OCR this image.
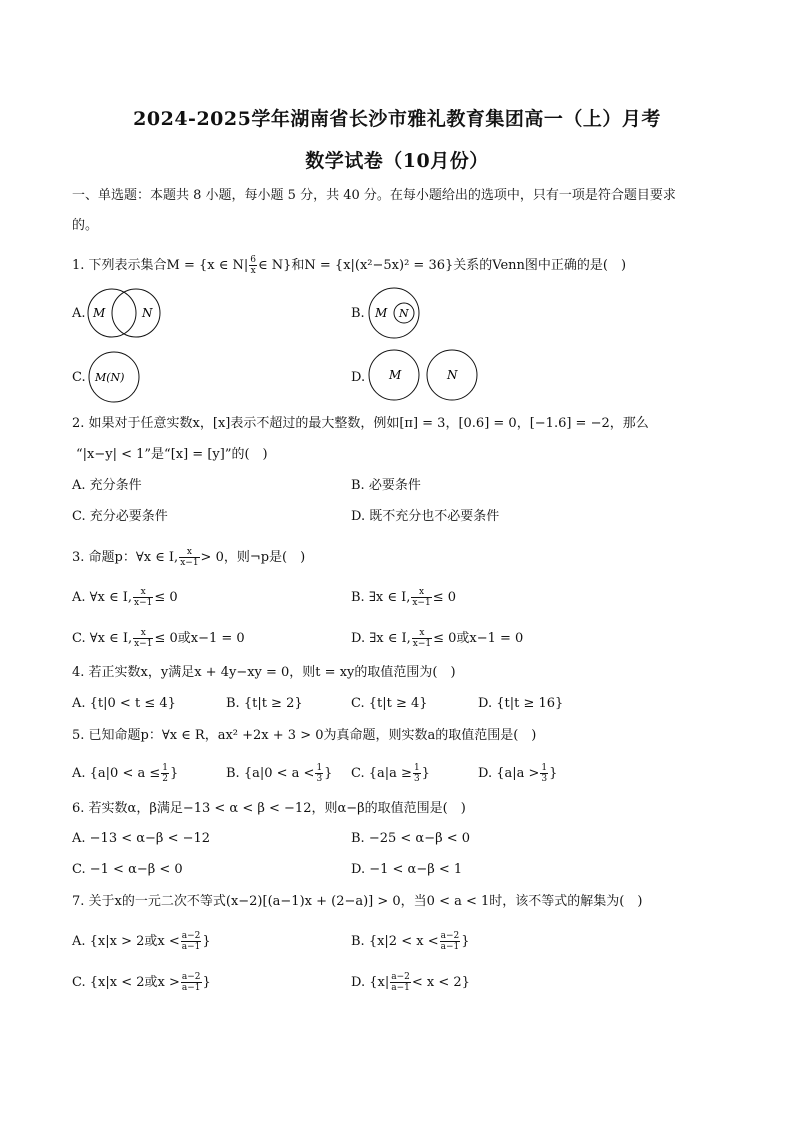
2024-2025学年湖南省长沙市雅礼教育集团高一（上）月考
数学试卷（10月份）
一、单选题：本题共 8 小题，每小题 5 分，共 40 分。在每小题给出的选项中，只有一项是符合题目要求
的。
1. 下列表示集合M = {x ∈ $N| \frac{6}{x}$ ∈ N}和N = {x|(x²−5x)² = 36}关系的Venn图中正确的是(　)
A. M	N	B. M N
C. M(N)	D. M	N
2. 如果对于任意实数x，[x]表示不超过的最大整数，例如[π] = 3，[0.6] = 0，[−1.6] = −2，那么
“|x−y| < 1”是“[x] = [y]”的(　)
A. 充分条件	B. 必要条件
C. 充分必要条件	D. 既不充分也不必要条件
3. 命题p：∀x ∈ I, $\frac{x}{x-1} > 0$，则¬p是(　)
A. ∀x ∈ I, $\frac{x}{x-1} \le 0$	B. ∃x ∈ I, $\frac{x}{x-1} \le 0$
C. ∀x ∈ I, $\frac{x}{x-1} \le 0$或x−1 = 0	D. ∃x ∈ I, $\frac{x}{x-1} \le 0$或x−1 = 0
4. 若正实数x，y满足x + 4y−xy = 0，则t = xy的取值范围为(　)
A. {t|0 < t ≤ 4}	B. {t|t ≥ 2}	C. {t|t ≥ 4}	D. {t|t ≥ 16}
5. 已知命题p：∀x ∈ R，ax² +2x + 3 > 0为真命题，则实数a的取值范围是(　)
A. {$a|0 < a \le \frac{1}{2}$ }	B. {$a|0 < a < \frac{1}{3}$ } C. {$a|a \ge \frac{1}{3}$ }	D. {$a|a > \frac{1}{3}$ }
6. 若实数α，β满足−13 < α < β < −12，则α−β的取值范围是(　)
A. −13 < α−β < −12	B. −25 < α−β < 0
C. −1 < α−β < 0	D. −1 < α−β < 1
7. 关于x的一元二次不等式(x−2)[(a−1)x + (2−a)] > 0，当0 < a < 1时，该不等式的解集为(　)
A. {x|x > 2或$x < \frac{a-2}{a-1}$ }	B. {$x|2 < x < \frac{a-2}{a-1}$ }
C. {x|x < 2或$x > \frac{a-2}{a-1}$ }	D. $\{x| \frac{a-2}{a-1} < x < 2\}$
